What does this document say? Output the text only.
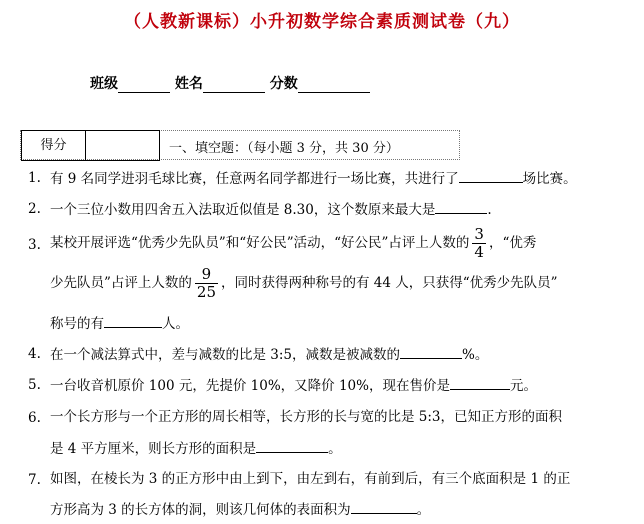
（人教新课标）小升初数学综合素质测试卷（九）
班级	姓名	分数
得分	一、填空题：（每小题 3 分，共 30 分）
1. 有 9 名同学进羽毛球比赛，任意两名同学都进行一场比赛，共进行了	场比赛。
2. 一个三位小数用四舍五入法取近似值是 8.30，这个数原来最大是	.
3. 某校开展评选“优秀少先队员”和“好公民”活动，“好公民”占评上人数的 $\frac{3}{4}$ ，“优秀
少先队员”占评上人数的 $\frac{9}{25}$ ，同时获得两种称号的有 44 人，只获得“优秀少先队员”
称号的有	人。
4. 在一个减法算式中，差与减数的比是 3:5，减数是被减数的	%。
5. 一台收音机原价 100 元，先提价 10%，又降价 10%，现在售价是	元。
6. 一个长方形与一个正方形的周长相等，长方形的长与宽的比是 5:3，已知正方形的面积
是 4 平方厘米，则长方形的面积是	。
7. 如图，在棱长为 3 的正方形中由上到下，由左到右，有前到后，有三个底面积是 1 的正
方形高为 3 的长方体的洞，则该几何体的表面积为	。
